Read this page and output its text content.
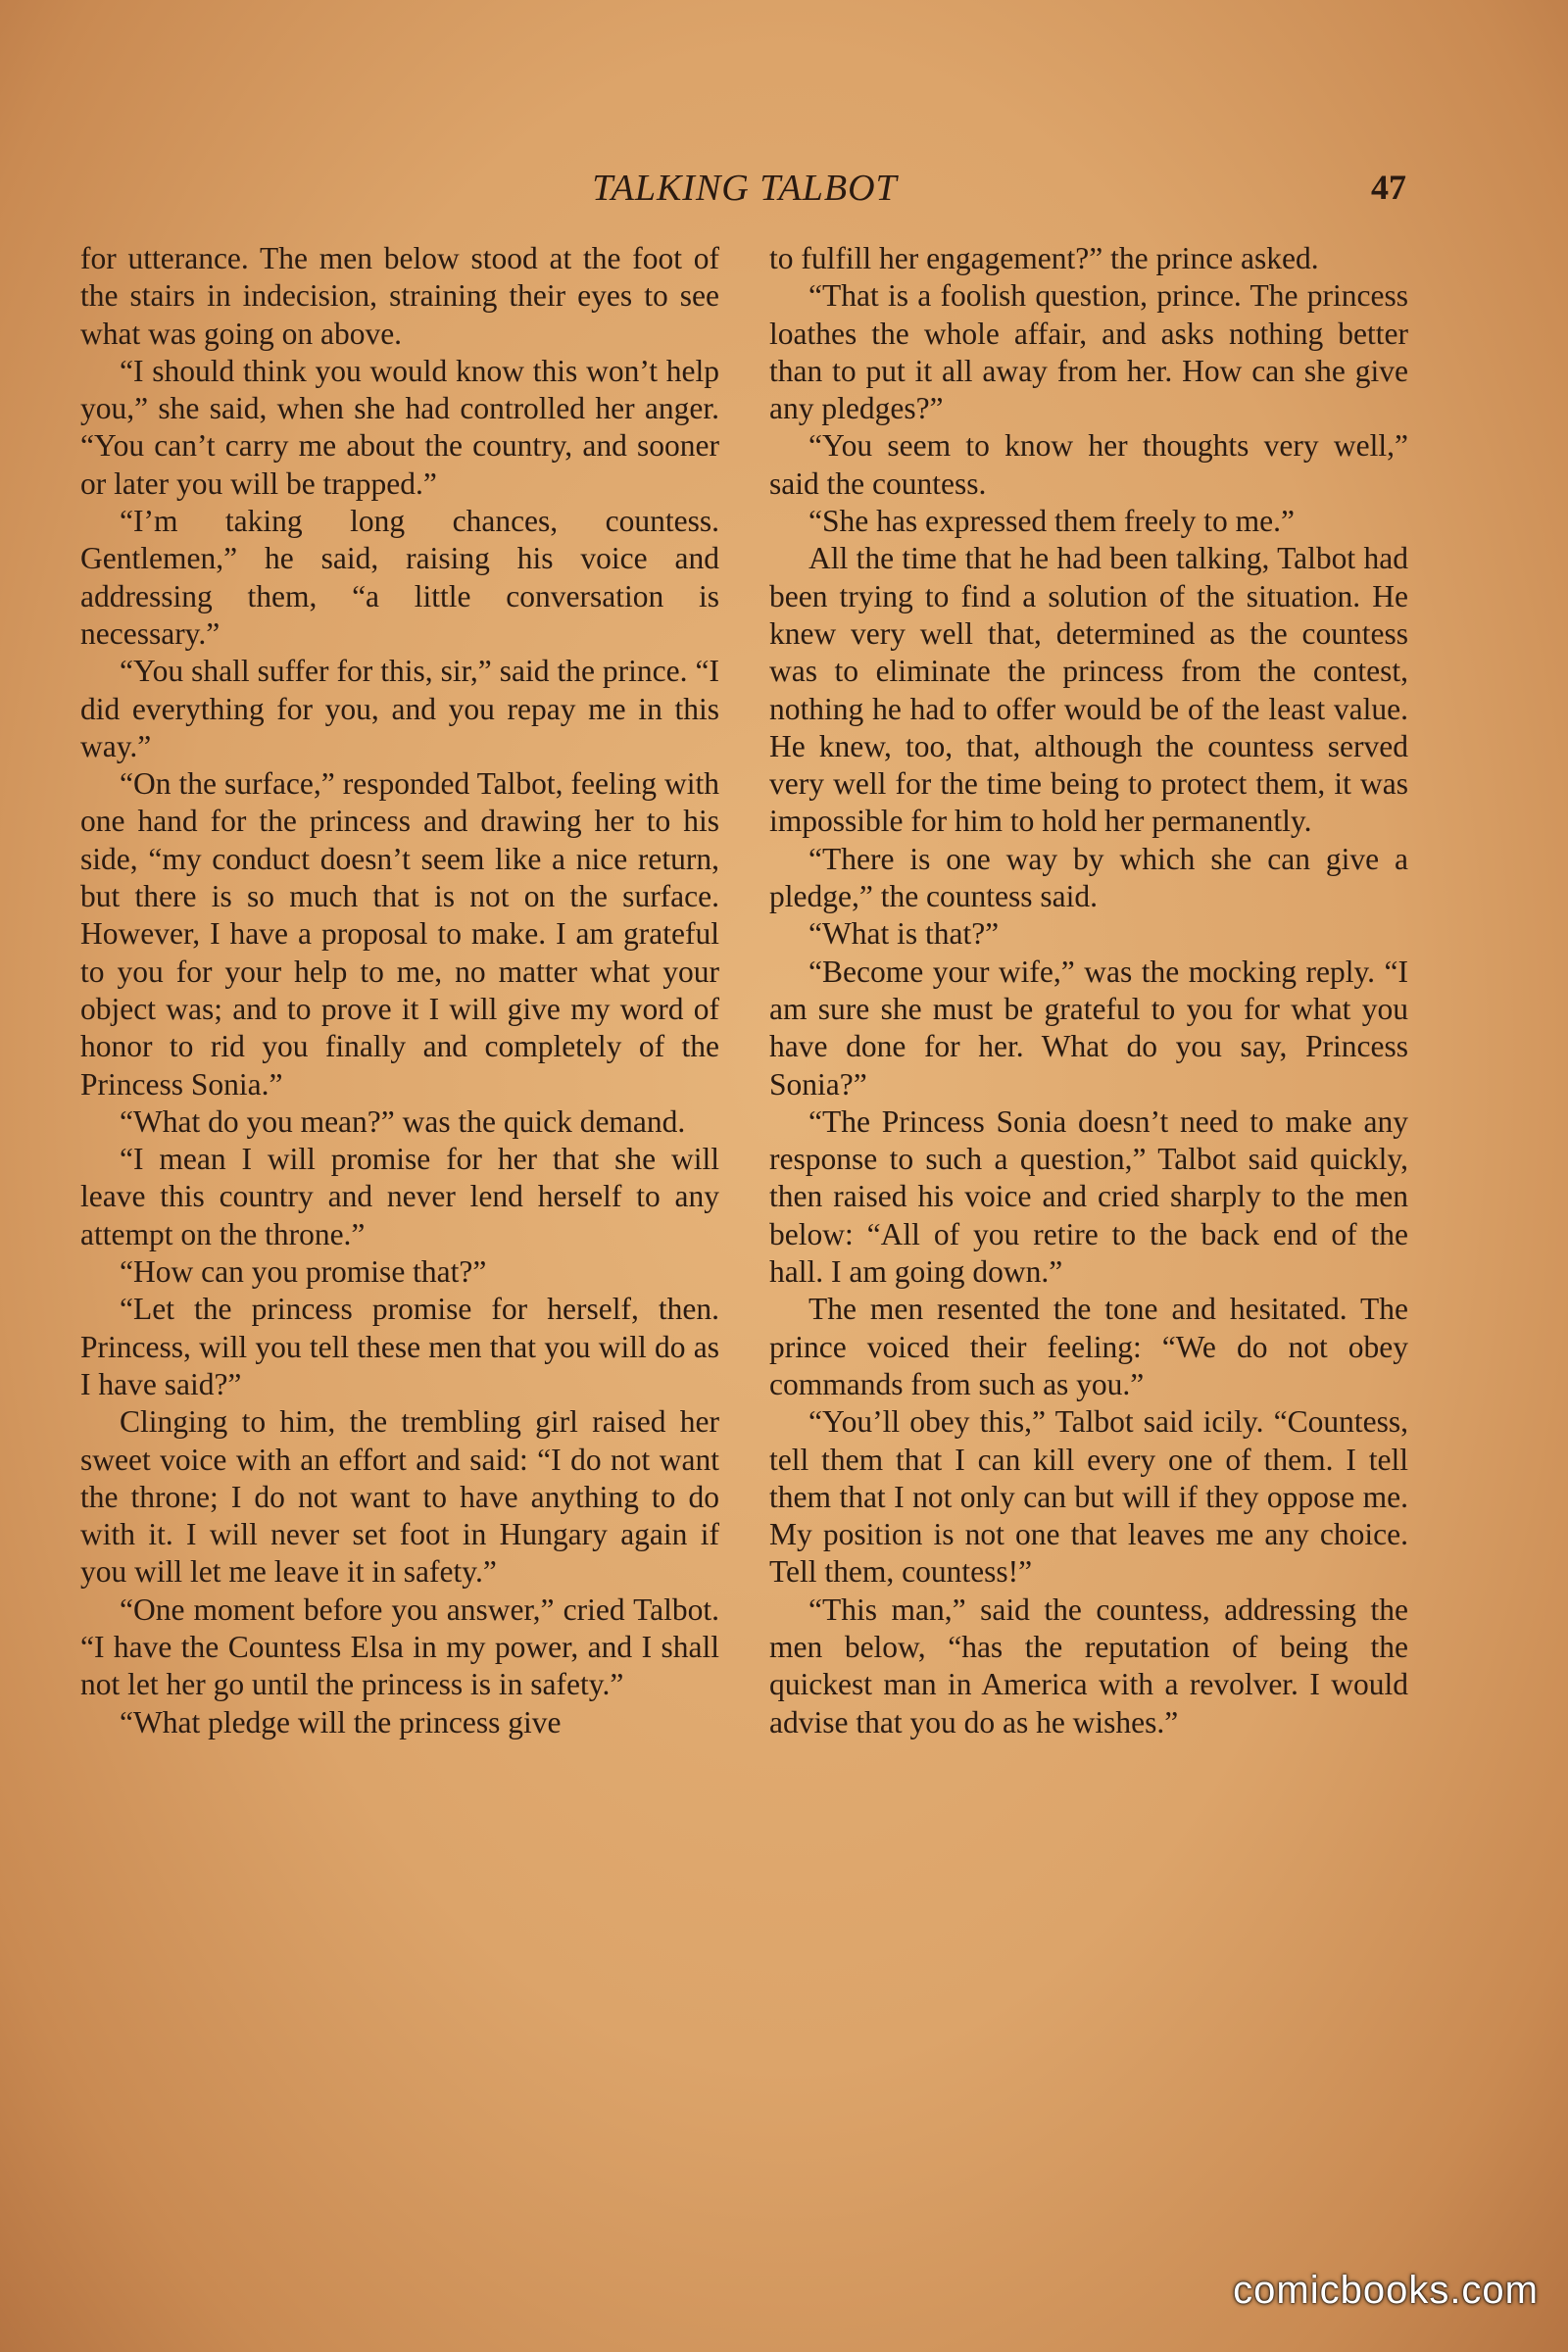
TALKING TALBOT	47

for utterance. The men below stood at the foot of the stairs in indecision, straining their eyes to see what was going on above.

“I should think you would know this won’t help you,” she said, when she had controlled her anger. “You can’t carry me about the country, and sooner or later you will be trapped.”

“I’m taking long chances, countess. Gentlemen,” he said, raising his voice and addressing them, “a little conversation is necessary.”

“You shall suffer for this, sir,” said the prince. “I did everything for you, and you repay me in this way.”

“On the surface,” responded Talbot, feeling with one hand for the princess and drawing her to his side, “my conduct doesn’t seem like a nice return, but there is so much that is not on the surface. However, I have a proposal to make. I am grateful to you for your help to me, no matter what your object was; and to prove it I will give my word of honor to rid you finally and completely of the Princess Sonia.”

“What do you mean?” was the quick demand.

“I mean I will promise for her that she will leave this country and never lend herself to any attempt on the throne.”

“How can you promise that?”

“Let the princess promise for herself, then. Princess, will you tell these men that you will do as I have said?”

Clinging to him, the trembling girl raised her sweet voice with an effort and said: “I do not want the throne; I do not want to have anything to do with it. I will never set foot in Hungary again if you will let me leave it in safety.”

“One moment before you answer,” cried Talbot. “I have the Countess Elsa in my power, and I shall not let her go until the princess is in safety.”

“What pledge will the princess give

to fulfill her engagement?” the prince asked.

“That is a foolish question, prince. The princess loathes the whole affair, and asks nothing better than to put it all away from her. How can she give any pledges?”

“You seem to know her thoughts very well,” said the countess.

“She has expressed them freely to me.”

All the time that he had been talking, Talbot had been trying to find a solution of the situation. He knew very well that, determined as the countess was to eliminate the princess from the contest, nothing he had to offer would be of the least value. He knew, too, that, although the countess served very well for the time being to protect them, it was impossible for him to hold her permanently.

“There is one way by which she can give a pledge,” the countess said.

“What is that?”

“Become your wife,” was the mocking reply. “I am sure she must be grateful to you for what you have done for her. What do you say, Princess Sonia?”

“The Princess Sonia doesn’t need to make any response to such a question,” Talbot said quickly, then raised his voice and cried sharply to the men below: “All of you retire to the back end of the hall. I am going down.”

The men resented the tone and hesitated. The prince voiced their feeling: “We do not obey commands from such as you.”

“You’ll obey this,” Talbot said icily. “Countess, tell them that I can kill every one of them. I tell them that I not only can but will if they oppose me. My position is not one that leaves me any choice. Tell them, countess!”

“This man,” said the countess, addressing the men below, “has the reputation of being the quickest man in America with a revolver. I would advise that you do as he wishes.”

comicbooks.com
